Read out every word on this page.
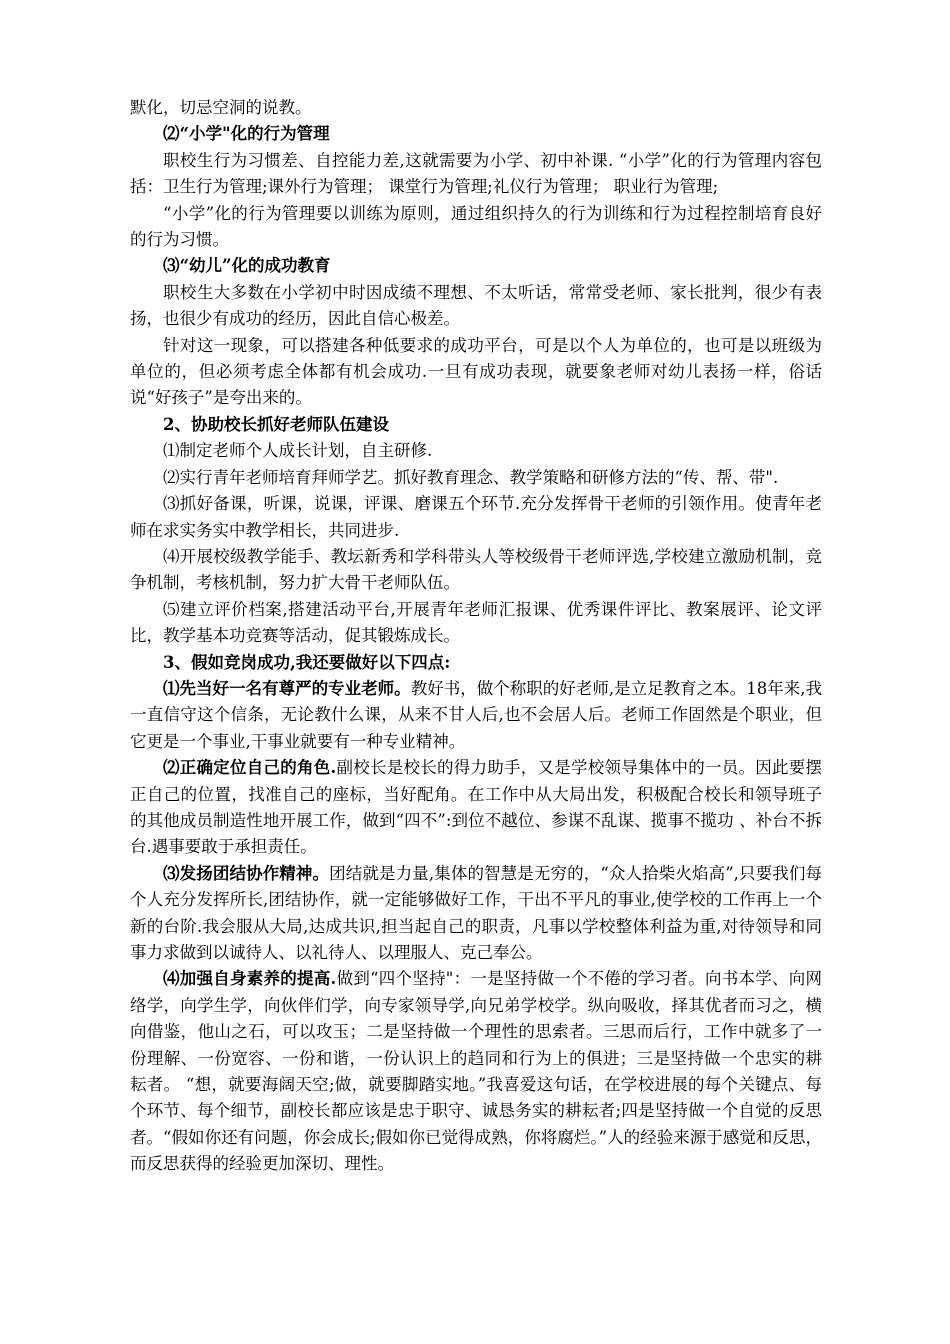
默化，切忌空洞的说教。

⑵“小学"化的行为管理

职校生行为习惯差、自控能力差,这就需要为小学、初中补课. “小学”化的行为管理内容包括：卫生行为管理;课外行为管理； 课堂行为管理;礼仪行为管理； 职业行为管理;

“小学”化的行为管理要以训练为原则，通过组织持久的行为训练和行为过程控制培育良好的行为习惯。

⑶“幼儿”化的成功教育

职校生大多数在小学初中时因成绩不理想、不太听话，常常受老师、家长批判，很少有表扬，也很少有成功的经历，因此自信心极差。

针对这一现象，可以搭建各种低要求的成功平台，可是以个人为单位的，也可是以班级为单位的，但必须考虑全体都有机会成功.一旦有成功表现，就要象老师对幼儿表扬一样，俗话说“好孩子”是夸出来的。

2、协助校长抓好老师队伍建设

⑴制定老师个人成长计划，自主研修.

⑵实行青年老师培育拜师学艺。抓好教育理念、教学策略和研修方法的“传、帮、带".

⑶抓好备课，听课，说课，评课、磨课五个环节.充分发挥骨干老师的引领作用。使青年老师在求实务实中教学相长，共同进步.

⑷开展校级教学能手、教坛新秀和学科带头人等校级骨干老师评选,学校建立激励机制，竞争机制，考核机制，努力扩大骨干老师队伍。

⑸建立评价档案,搭建活动平台,开展青年老师汇报课、优秀课件评比、教案展评、论文评比，教学基本功竞赛等活动，促其锻炼成长。

3、假如竞岗成功,我还要做好以下四点:

⑴先当好一名有尊严的专业老师。教好书，做个称职的好老师,是立足教育之本。18年来,我一直信守这个信条，无论教什么课，从来不甘人后,也不会居人后。老师工作固然是个职业，但它更是一个事业,干事业就要有一种专业精神。

⑵正确定位自己的角色.副校长是校长的得力助手，又是学校领导集体中的一员。因此要摆正自己的位置，找准自己的座标，当好配角。在工作中从大局出发，积极配合校长和领导班子的其他成员制造性地开展工作，做到“四不”:到位不越位、参谋不乱谋、揽事不揽功 、补台不拆台.遇事要敢于承担责任。

⑶发扬团结协作精神。团结就是力量,集体的智慧是无穷的，“众人拾柴火焰高”,只要我们每个人充分发挥所长,团结协作，就一定能够做好工作，干出不平凡的事业,使学校的工作再上一个新的台阶.我会服从大局,达成共识,担当起自己的职责，凡事以学校整体利益为重,对待领导和同事力求做到以诚待人、以礼待人、以理服人、克己奉公。

⑷加强自身素养的提高.做到“四个坚持"：一是坚持做一个不倦的学习者。向书本学、向网络学，向学生学，向伙伴们学，向专家领导学,向兄弟学校学。纵向吸收，择其优者而习之，横向借鉴，他山之石，可以攻玉；二是坚持做一个理性的思索者。三思而后行，工作中就多了一份理解、一份宽容、一份和谐，一份认识上的趋同和行为上的俱进；三是坚持做一个忠实的耕耘者。 “想，就要海阔天空;做，就要脚踏实地。”我喜爱这句话，在学校进展的每个关键点、每个环节、每个细节，副校长都应该是忠于职守、诚恳务实的耕耘者;四是坚持做一个自觉的反思者。“假如你还有问题，你会成长;假如你已觉得成熟，你将腐烂。”人的经验来源于感觉和反思，而反思获得的经验更加深切、理性。
